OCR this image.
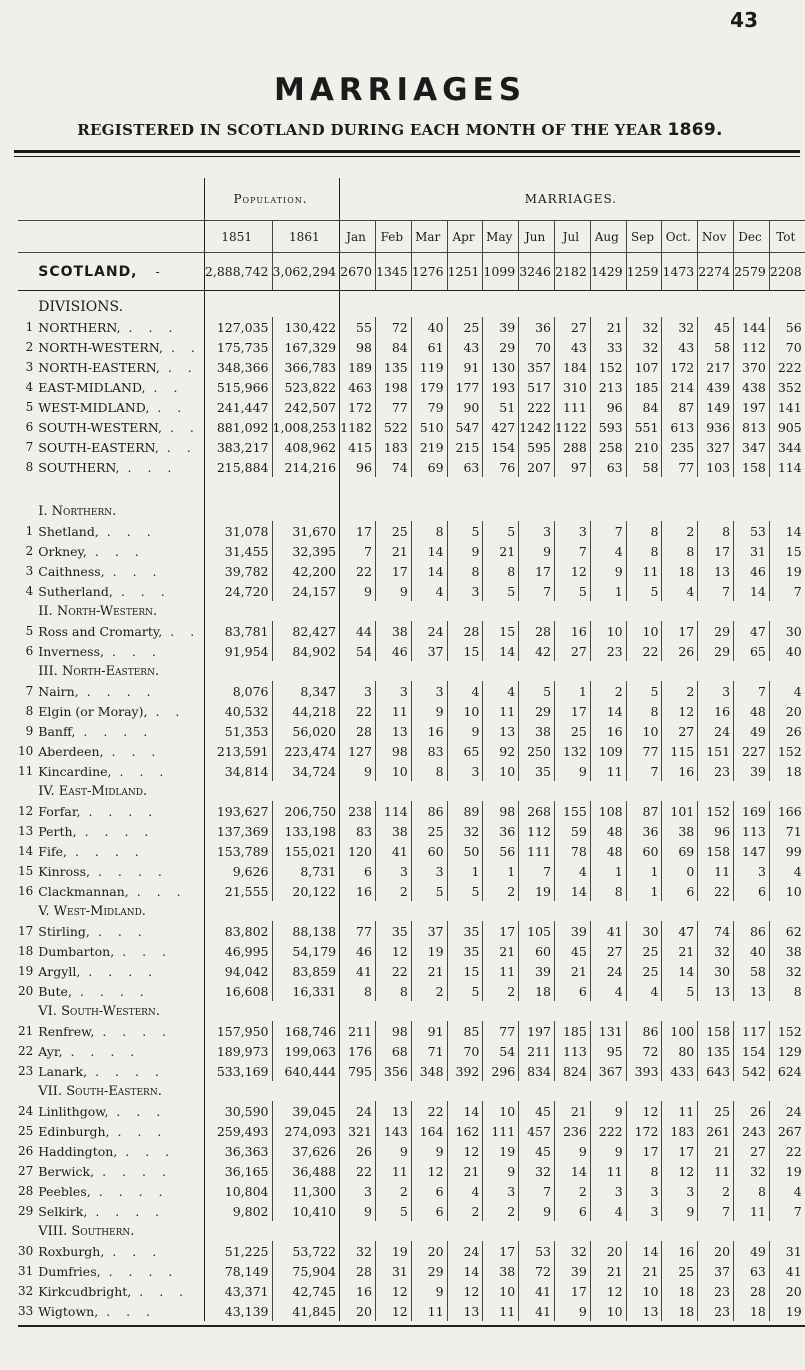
43
MARRIAGES
REGISTERED IN SCOTLAND DURING EACH MONTH OF THE YEAR 1869.
		Population.		MARRIAGES.												
		1851	1861	Jan	Feb	Mar	Apr	May	Jun	Jul	Aug	Sep	Oct.	Nov	Dec	Tot
	SCOTLAND, -	2,888,742	3,062,294	2670	1345	1276	1251	1099	3246	2182	1429	1259	1473	2274	2579	2208
	DIVISIONS.															
1	NORTHERN, . . .	127,035	130,422	55	72	40	25	39	36	27	21	32	32	45	144	56
2	NORTH-WESTERN, . .	175,735	167,329	98	84	61	43	29	70	43	33	32	43	58	112	70
3	NORTH-EASTERN, . .	348,366	366,783	189	135	119	91	130	357	184	152	107	172	217	370	222
4	EAST-MIDLAND, . .	515,966	523,822	463	198	179	177	193	517	310	213	185	214	439	438	352
5	WEST-MIDLAND, . .	241,447	242,507	172	77	79	90	51	222	111	96	84	87	149	197	141
6	SOUTH-WESTERN, . .	881,092	1,008,253	1182	522	510	547	427	1242	1122	593	551	613	936	813	905
7	SOUTH-EASTERN, . .	383,217	408,962	415	183	219	215	154	595	288	258	210	235	327	347	344
8	SOUTHERN, . . .	215,884	214,216	96	74	69	63	76	207	97	63	58	77	103	158	114

	I. Northern.															
1	Shetland, . . .	31,078	31,670	17	25	8	5	5	3	3	7	8	2	8	53	14
2	Orkney, . . .	31,455	32,395	7	21	14	9	21	9	7	4	8	8	17	31	15
3	Caithness, . . .	39,782	42,200	22	17	14	8	8	17	12	9	11	18	13	46	19
4	Sutherland, . . .	24,720	24,157	9	9	4	3	5	7	5	1	5	4	7	14	7
	II. North-Western.															
5	Ross and Cromarty, . .	83,781	82,427	44	38	24	28	15	28	16	10	10	17	29	47	30
6	Inverness, . . .	91,954	84,902	54	46	37	15	14	42	27	23	22	26	29	65	40
	III. North-Eastern.															
7	Nairn, . . . .	8,076	8,347	3	3	3	4	4	5	1	2	5	2	3	7	4
8	Elgin (or Moray), . .	40,532	44,218	22	11	9	10	11	29	17	14	8	12	16	48	20
9	Banff, . . . .	51,353	56,020	28	13	16	9	13	38	25	16	10	27	24	49	26
10	Aberdeen, . . .	213,591	223,474	127	98	83	65	92	250	132	109	77	115	151	227	152
11	Kincardine, . . .	34,814	34,724	9	10	8	3	10	35	9	11	7	16	23	39	18
	IV. East-Midland.															
12	Forfar, . . . .	193,627	206,750	238	114	86	89	98	268	155	108	87	101	152	169	166
13	Perth, . . . .	137,369	133,198	83	38	25	32	36	112	59	48	36	38	96	113	71
14	Fife, . . . .	153,789	155,021	120	41	60	50	56	111	78	48	60	69	158	147	99
15	Kinross, . . . .	9,626	8,731	6	3	3	1	1	7	4	1	1	0	11	3	4
16	Clackmannan, . . .	21,555	20,122	16	2	5	5	2	19	14	8	1	6	22	6	10
	V. West-Midland.															
17	Stirling, . . .	83,802	88,138	77	35	37	35	17	105	39	41	30	47	74	86	62
18	Dumbarton, . . .	46,995	54,179	46	12	19	35	21	60	45	27	25	21	32	40	38
19	Argyll, . . . .	94,042	83,859	41	22	21	15	11	39	21	24	25	14	30	58	32
20	Bute, . . . .	16,608	16,331	8	8	2	5	2	18	6	4	4	5	13	13	8
	VI. South-Western.															
21	Renfrew, . . . .	157,950	168,746	211	98	91	85	77	197	185	131	86	100	158	117	152
22	Ayr, . . . .	189,973	199,063	176	68	71	70	54	211	113	95	72	80	135	154	129
23	Lanark, . . . .	533,169	640,444	795	356	348	392	296	834	824	367	393	433	643	542	624
	VII. South-Eastern.															
24	Linlithgow, . . .	30,590	39,045	24	13	22	14	10	45	21	9	12	11	25	26	24
25	Edinburgh, . . .	259,493	274,093	321	143	164	162	111	457	236	222	172	183	261	243	267
26	Haddington, . . .	36,363	37,626	26	9	9	12	19	45	9	9	17	17	21	27	22
27	Berwick, . . . .	36,165	36,488	22	11	12	21	9	32	14	11	8	12	11	32	19
28	Peebles, . . . .	10,804	11,300	3	2	6	4	3	7	2	3	3	3	2	8	4
29	Selkirk, . . . .	9,802	10,410	9	5	6	2	2	9	6	4	3	9	7	11	7
	VIII. Southern.															
30	Roxburgh, . . .	51,225	53,722	32	19	20	24	17	53	32	20	14	16	20	49	31
31	Dumfries, . . . .	78,149	75,904	28	31	29	14	38	72	39	21	21	25	37	63	41
32	Kirkcudbright, . . .	43,371	42,745	16	12	9	12	10	41	17	12	10	18	23	28	20
33	Wigtown, . . .	43,139	41,845	20	12	11	13	11	41	9	10	13	18	23	18	19
